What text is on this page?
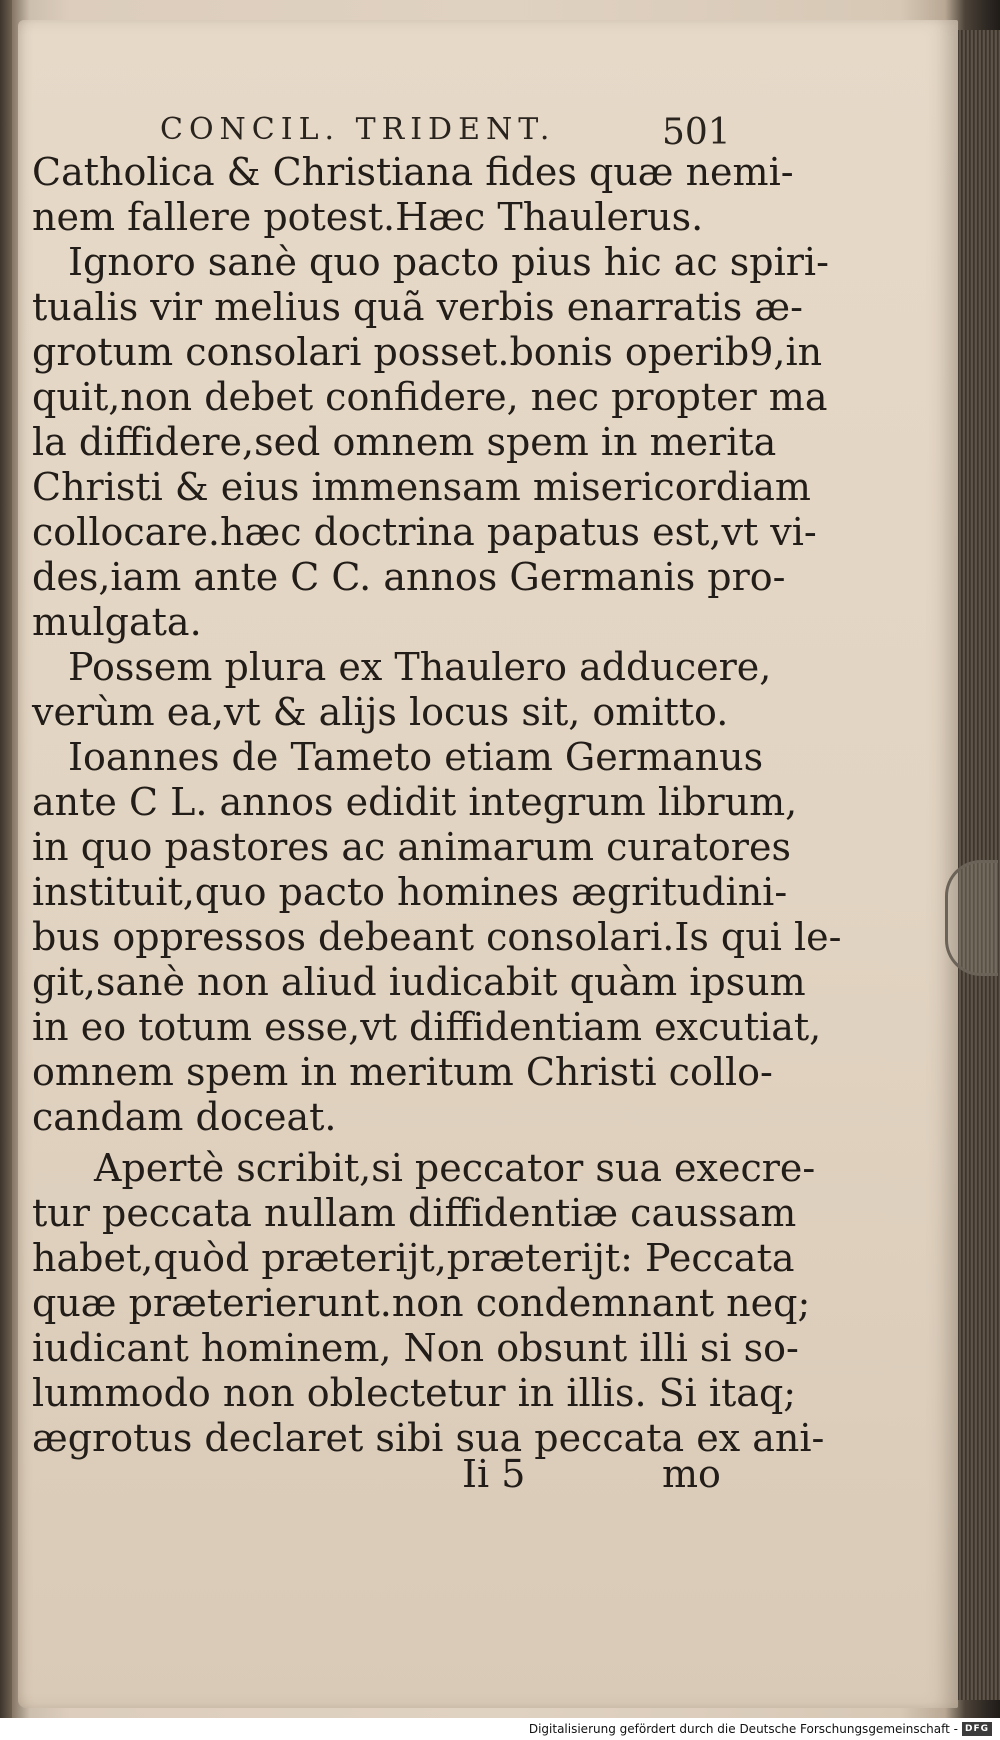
CONCIL. TRIDENT.	501
Catholica & Christiana fides quæ nemi-
nem fallere potest.Hæc Thaulerus.
Ignoro sanè quo pacto pius hic ac spiri-
tualis vir melius quã verbis enarratis æ-
grotum consolari posset.bonis operib9,in
quit,non debet confidere, nec propter ma
la diffidere,sed omnem spem in merita
Christi & eius immensam misericordiam
collocare.hæc doctrina papatus est,vt vi-
des,iam ante C C. annos Germanis pro-
mulgata.
Possem plura ex Thaulero adducere,
verùm ea,vt & alijs locus sit, omitto.
Ioannes de Tameto etiam Germanus
ante C L. annos edidit integrum librum,
in quo pastores ac animarum curatores
instituit,quo pacto homines ægritudini-
bus oppressos debeant consolari.Is qui le-
git,sanè non aliud iudicabit quàm ipsum
in eo totum esse,vt diffidentiam excutiat,
omnem spem in meritum Christi collo-
candam doceat.
Apertè scribit,si peccator sua execre-
tur peccata nullam diffidentiæ caussam
habet,quòd præterijt,præterijt: Peccata
quæ præterierunt.non condemnant neq;
iudicant hominem, Non obsunt illi si so-
lummodo non oblectetur in illis. Si itaq;
ægrotus declaret sibi sua peccata ex ani-
Ii 5	mo
Digitalisierung gefördert durch die Deutsche Forschungsgemeinschaft - DFG
